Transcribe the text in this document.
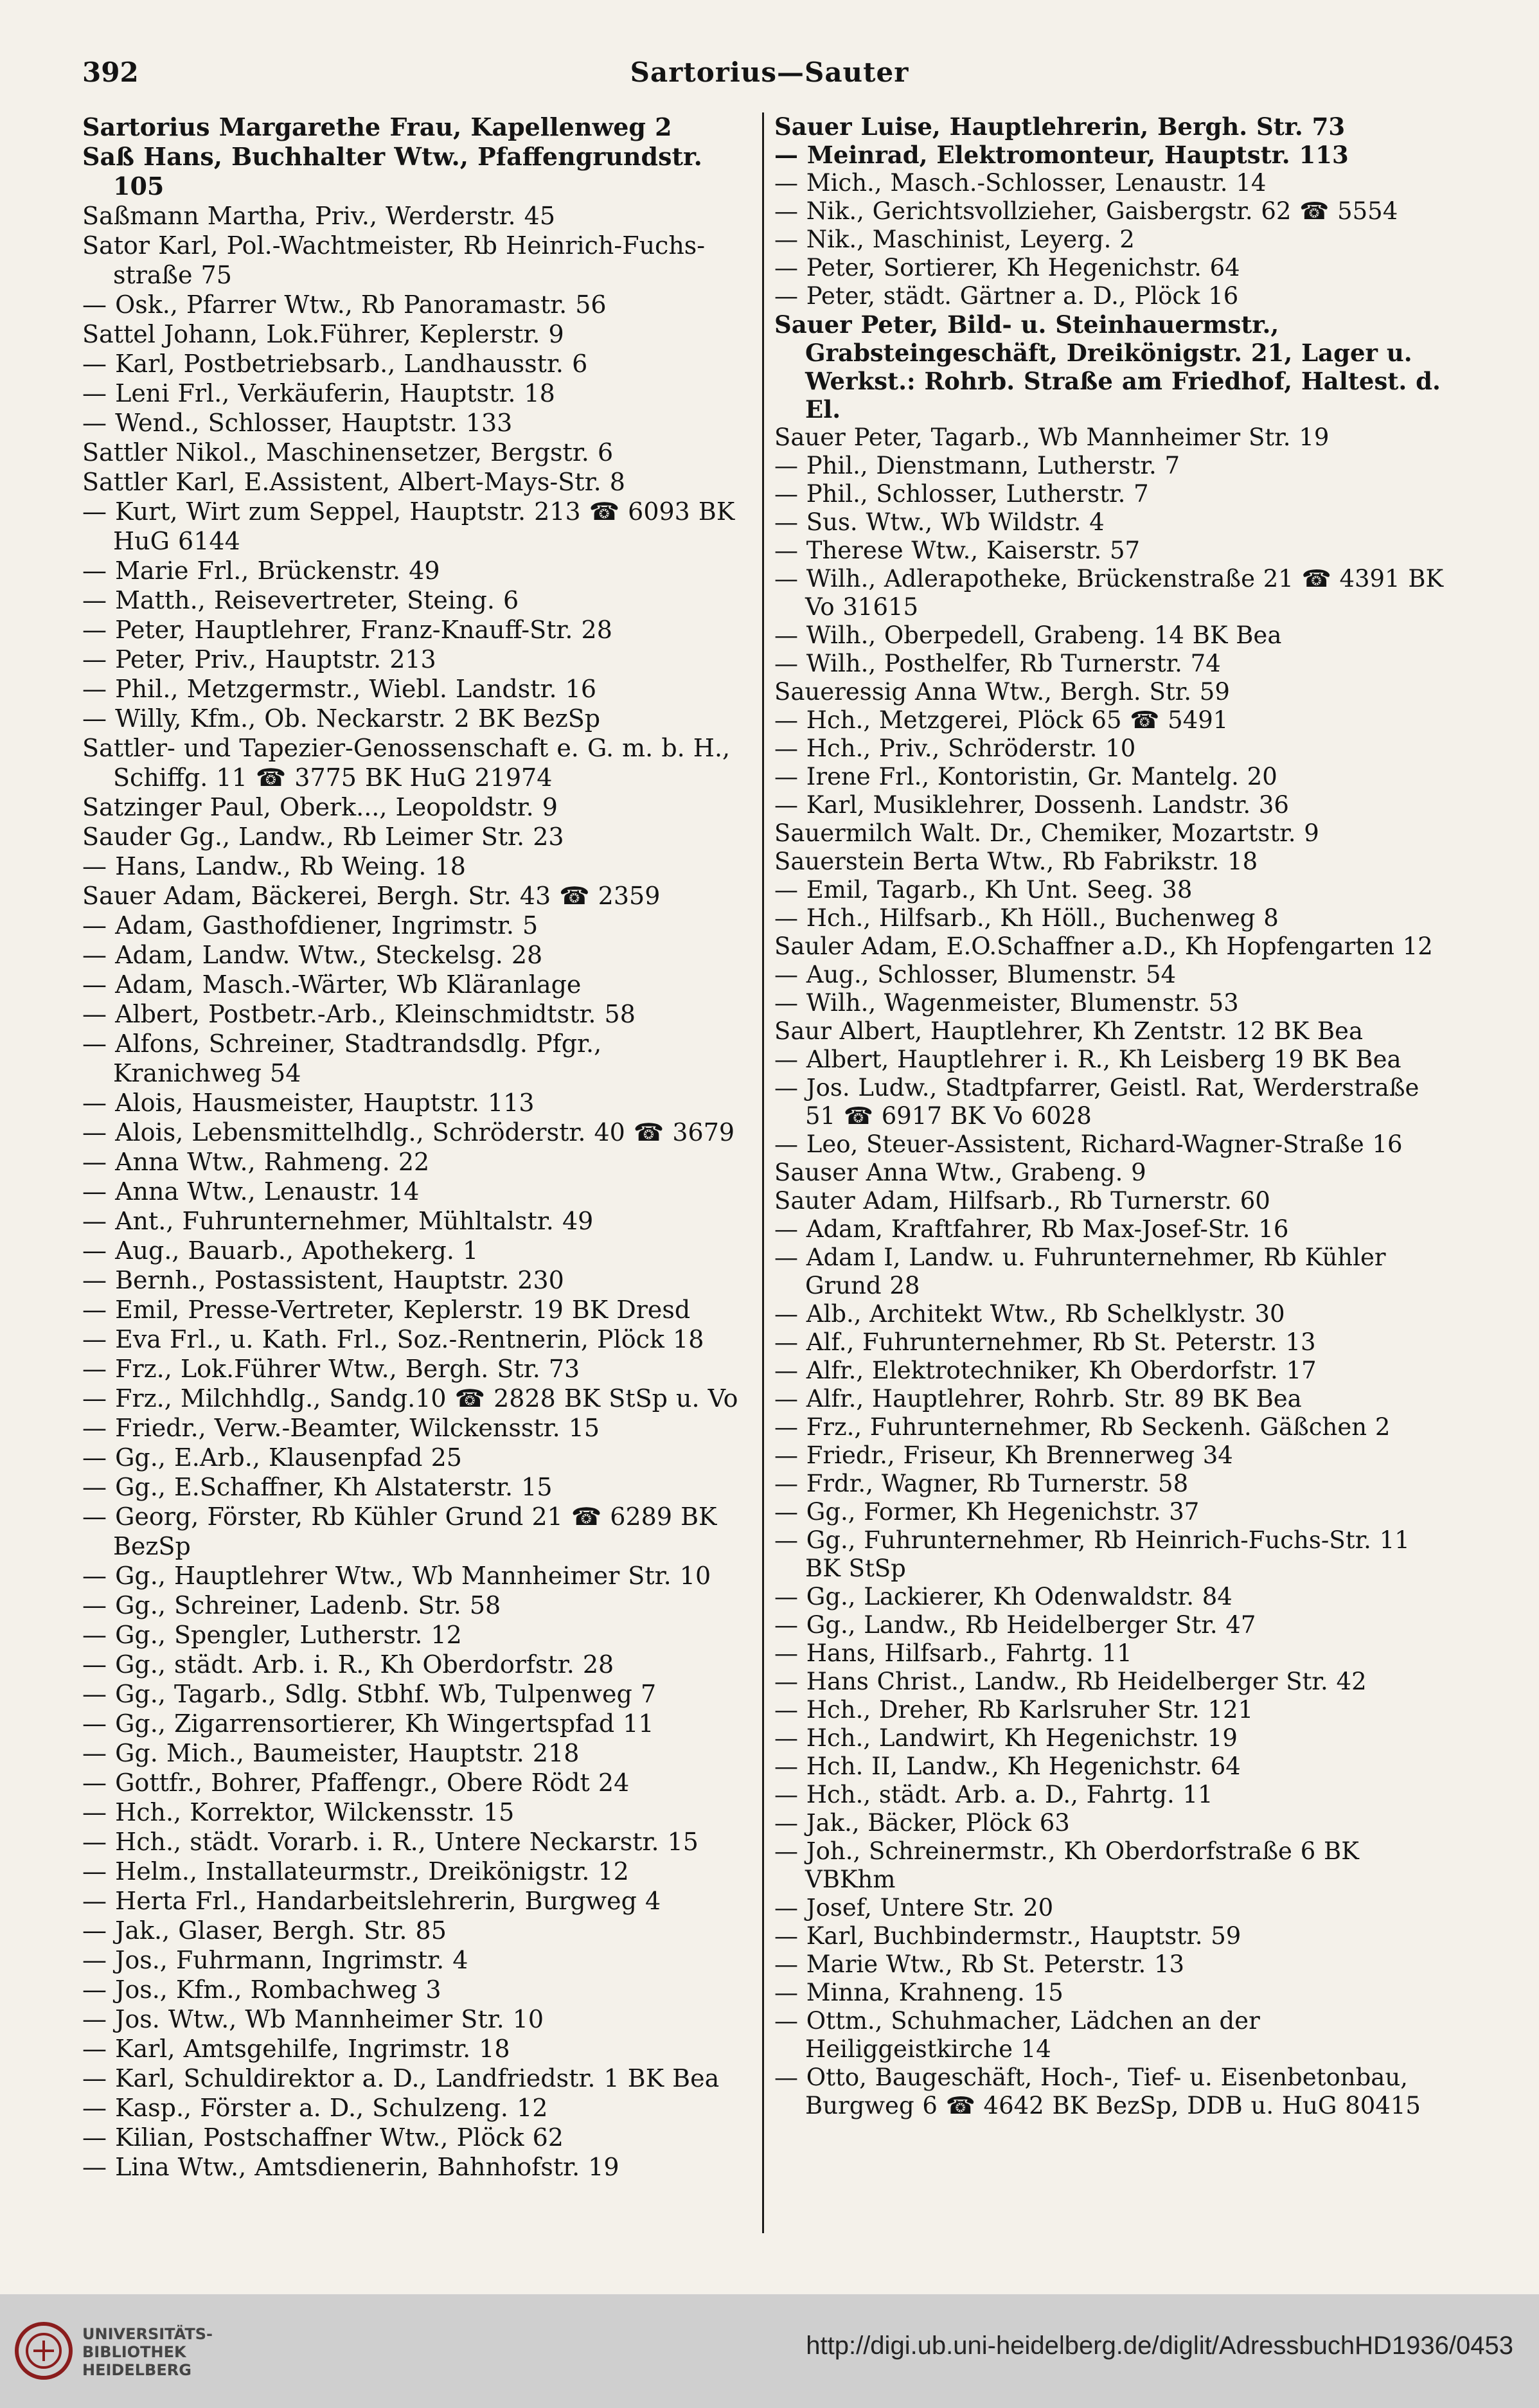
392	Sartorius—Sauter

Sartorius Margarethe Frau, Kapellenweg 2

Saß Hans, Buchhalter Wtw., Pfaffengrundstr. 105

Saßmann Martha, Priv., Werderstr. 45

Sator Karl, Pol.-Wachtmeister, Rb Heinrich-Fuchs-straße 75

— Osk., Pfarrer Wtw., Rb Panoramastr. 56

Sattel Johann, Lok.Führer, Keplerstr. 9

— Karl, Postbetriebsarb., Landhausstr. 6

— Leni Frl., Verkäuferin, Hauptstr. 18

— Wend., Schlosser, Hauptstr. 133

Sattler Nikol., Maschinensetzer, Bergstr. 6

Sattler Karl, E.Assistent, Albert-Mays-Str. 8

— Kurt, Wirt zum Seppel, Hauptstr. 213 ☎ 6093 BK HuG 6144

— Marie Frl., Brückenstr. 49

— Matth., Reisevertreter, Steing. 6

— Peter, Hauptlehrer, Franz-Knauff-Str. 28

— Peter, Priv., Hauptstr. 213

— Phil., Metzgermstr., Wiebl. Landstr. 16

— Willy, Kfm., Ob. Neckarstr. 2 BK BezSp

Sattler- und Tapezier-Genossenschaft e. G. m. b. H., Schiffg. 11 ☎ 3775 BK HuG 21974

Satzinger Paul, Oberk..., Leopoldstr. 9

Sauder Gg., Landw., Rb Leimer Str. 23

— Hans, Landw., Rb Weing. 18

Sauer Adam, Bäckerei, Bergh. Str. 43 ☎ 2359

— Adam, Gasthofdiener, Ingrimstr. 5

— Adam, Landw. Wtw., Steckelsg. 28

— Adam, Masch.-Wärter, Wb Kläranlage

— Albert, Postbetr.-Arb., Kleinschmidtstr. 58

— Alfons, Schreiner, Stadtrandsdlg. Pfgr., Kranichweg 54

— Alois, Hausmeister, Hauptstr. 113

— Alois, Lebensmittelhdlg., Schröderstr. 40 ☎ 3679

— Anna Wtw., Rahmeng. 22

— Anna Wtw., Lenaustr. 14

— Ant., Fuhrunternehmer, Mühltalstr. 49

— Aug., Bauarb., Apothekerg. 1

— Bernh., Postassistent, Hauptstr. 230

— Emil, Presse-Vertreter, Keplerstr. 19 BK Dresd

— Eva Frl., u. Kath. Frl., Soz.-Rentnerin, Plöck 18

— Frz., Lok.Führer Wtw., Bergh. Str. 73

— Frz., Milchhdlg., Sandg.10 ☎ 2828 BK StSp u. Vo

— Friedr., Verw.-Beamter, Wilckensstr. 15

— Gg., E.Arb., Klausenpfad 25

— Gg., E.Schaffner, Kh Alstaterstr. 15

— Georg, Förster, Rb Kühler Grund 21 ☎ 6289 BK BezSp

— Gg., Hauptlehrer Wtw., Wb Mannheimer Str. 10

— Gg., Schreiner, Ladenb. Str. 58

— Gg., Spengler, Lutherstr. 12

— Gg., städt. Arb. i. R., Kh Oberdorfstr. 28

— Gg., Tagarb., Sdlg. Stbhf. Wb, Tulpenweg 7

— Gg., Zigarrensortierer, Kh Wingertspfad 11

— Gg. Mich., Baumeister, Hauptstr. 218

— Gottfr., Bohrer, Pfaffengr., Obere Rödt 24

— Hch., Korrektor, Wilckensstr. 15

— Hch., städt. Vorarb. i. R., Untere Neckarstr. 15

— Helm., Installateurmstr., Dreikönigstr. 12

— Herta Frl., Handarbeitslehrerin, Burgweg 4

— Jak., Glaser, Bergh. Str. 85

— Jos., Fuhrmann, Ingrimstr. 4

— Jos., Kfm., Rombachweg 3

— Jos. Wtw., Wb Mannheimer Str. 10

— Karl, Amtsgehilfe, Ingrimstr. 18

— Karl, Schuldirektor a. D., Landfriedstr. 1 BK Bea

— Kasp., Förster a. D., Schulzeng. 12

— Kilian, Postschaffner Wtw., Plöck 62

— Lina Wtw., Amtsdienerin, Bahnhofstr. 19

Sauer Luise, Hauptlehrerin, Bergh. Str. 73

— Meinrad, Elektromonteur, Hauptstr. 113

— Mich., Masch.-Schlosser, Lenaustr. 14

— Nik., Gerichtsvollzieher, Gaisbergstr. 62 ☎ 5554

— Nik., Maschinist, Leyerg. 2

— Peter, Sortierer, Kh Hegenichstr. 64

— Peter, städt. Gärtner a. D., Plöck 16

Sauer Peter, Bild- u. Steinhauermstr., Grabsteingeschäft, Dreikönigstr. 21, Lager u. Werkst.: Rohrb. Straße am Friedhof, Haltest. d. El.

Sauer Peter, Tagarb., Wb Mannheimer Str. 19

— Phil., Dienstmann, Lutherstr. 7

— Phil., Schlosser, Lutherstr. 7

— Sus. Wtw., Wb Wildstr. 4

— Therese Wtw., Kaiserstr. 57

— Wilh., Adlerapotheke, Brückenstraße 21 ☎ 4391 BK Vo 31615

— Wilh., Oberpedell, Grabeng. 14 BK Bea

— Wilh., Posthelfer, Rb Turnerstr. 74

Saueressig Anna Wtw., Bergh. Str. 59

— Hch., Metzgerei, Plöck 65 ☎ 5491

— Hch., Priv., Schröderstr. 10

— Irene Frl., Kontoristin, Gr. Mantelg. 20

— Karl, Musiklehrer, Dossenh. Landstr. 36

Sauermilch Walt. Dr., Chemiker, Mozartstr. 9

Sauerstein Berta Wtw., Rb Fabrikstr. 18

— Emil, Tagarb., Kh Unt. Seeg. 38

— Hch., Hilfsarb., Kh Höll., Buchenweg 8

Sauler Adam, E.O.Schaffner a.D., Kh Hopfengarten 12

— Aug., Schlosser, Blumenstr. 54

— Wilh., Wagenmeister, Blumenstr. 53

Saur Albert, Hauptlehrer, Kh Zentstr. 12 BK Bea

— Albert, Hauptlehrer i. R., Kh Leisberg 19 BK Bea

— Jos. Ludw., Stadtpfarrer, Geistl. Rat, Werderstraße 51 ☎ 6917 BK Vo 6028

— Leo, Steuer-Assistent, Richard-Wagner-Straße 16

Sauser Anna Wtw., Grabeng. 9

Sauter Adam, Hilfsarb., Rb Turnerstr. 60

— Adam, Kraftfahrer, Rb Max-Josef-Str. 16

— Adam I, Landw. u. Fuhrunternehmer, Rb Kühler Grund 28

— Alb., Architekt Wtw., Rb Schelklystr. 30

— Alf., Fuhrunternehmer, Rb St. Peterstr. 13

— Alfr., Elektrotechniker, Kh Oberdorfstr. 17

— Alfr., Hauptlehrer, Rohrb. Str. 89 BK Bea

— Frz., Fuhrunternehmer, Rb Seckenh. Gäßchen 2

— Friedr., Friseur, Kh Brennerweg 34

— Frdr., Wagner, Rb Turnerstr. 58

— Gg., Former, Kh Hegenichstr. 37

— Gg., Fuhrunternehmer, Rb Heinrich-Fuchs-Str. 11 BK StSp

— Gg., Lackierer, Kh Odenwaldstr. 84

— Gg., Landw., Rb Heidelberger Str. 47

— Hans, Hilfsarb., Fahrtg. 11

— Hans Christ., Landw., Rb Heidelberger Str. 42

— Hch., Dreher, Rb Karlsruher Str. 121

— Hch., Landwirt, Kh Hegenichstr. 19

— Hch. II, Landw., Kh Hegenichstr. 64

— Hch., städt. Arb. a. D., Fahrtg. 11

— Jak., Bäcker, Plöck 63

— Joh., Schreinermstr., Kh Oberdorfstraße 6 BK VBKhm

— Josef, Untere Str. 20

— Karl, Buchbindermstr., Hauptstr. 59

— Marie Wtw., Rb St. Peterstr. 13

— Minna, Krahneng. 15

— Ottm., Schuhmacher, Lädchen an der Heiliggeistkirche 14

— Otto, Baugeschäft, Hoch-, Tief- u. Eisenbetonbau, Burgweg 6 ☎ 4642 BK BezSp, DDB u. HuG 80415

UNIVERSITÄTS-
BIBLIOTHEK
HEIDELBERG
http://digi.ub.uni-heidelberg.de/diglit/AdressbuchHD1936/0453
